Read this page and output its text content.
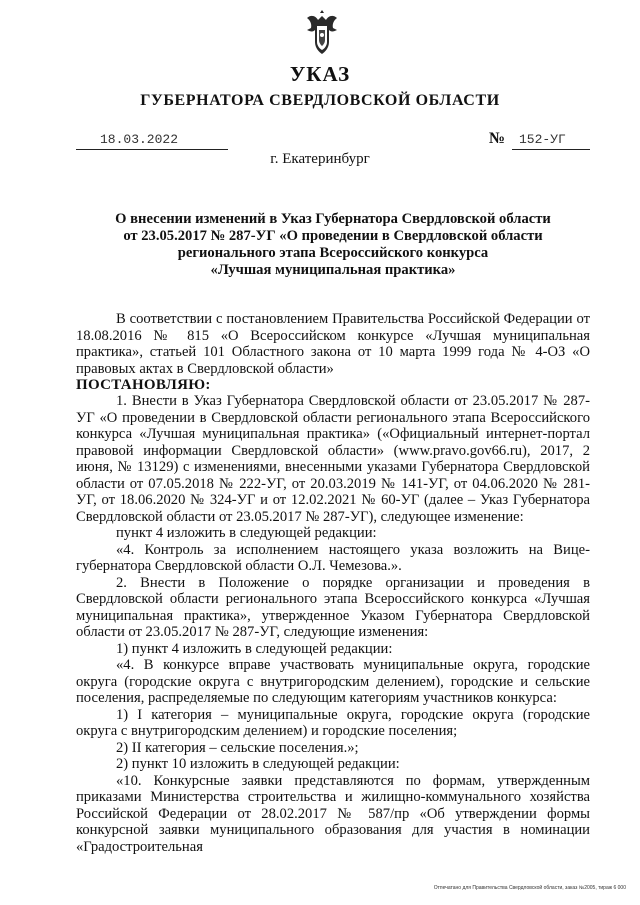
УКАЗ
ГУБЕРНАТОРА СВЕРДЛОВСКОЙ ОБЛАСТИ
18.03.2022	№ 152-УГ
г. Екатеринбург
О внесении изменений в Указ Губернатора Свердловской области
от 23.05.2017 № 287-УГ «О проведении в Свердловской области
регионального этапа Всероссийского конкурса
«Лучшая муниципальная практика»

В соответствии с постановлением Правительства Российской Федерации от 18.08.2016 № 815 «О Всероссийском конкурсе «Лучшая муниципальная практика», статьей 101 Областного закона от 10 марта 1999 года № 4-ОЗ «О правовых актах в Свердловской области»

ПОСТАНОВЛЯЮ:

1. Внести в Указ Губернатора Свердловской области от 23.05.2017 № 287-УГ «О проведении в Свердловской области регионального этапа Всероссийского конкурса «Лучшая муниципальная практика» («Официальный интернет-портал правовой информации Свердловской области» (www.pravo.gov66.ru), 2017, 2 июня, № 13129) с изменениями, внесенными указами Губернатора Свердловской области от 07.05.2018 № 222-УГ, от 20.03.2019 № 141-УГ, от 04.06.2020 № 281-УГ, от 18.06.2020 № 324-УГ и от 12.02.2021 № 60-УГ (далее – Указ Губернатора Свердловской области от 23.05.2017 № 287-УГ), следующее изменение:

пункт 4 изложить в следующей редакции:

«4. Контроль за исполнением настоящего указа возложить на Вице-губернатора Свердловской области О.Л. Чемезова.».

2. Внести в Положение о порядке организации и проведения в Свердловской области регионального этапа Всероссийского конкурса «Лучшая муниципальная практика», утвержденное Указом Губернатора Свердловской области от 23.05.2017 № 287-УГ, следующие изменения:

1) пункт 4 изложить в следующей редакции:

«4. В конкурсе вправе участвовать муниципальные округа, городские округа (городские округа с внутригородским делением), городские и сельские поселения, распределяемые по следующим категориям участников конкурса:

1) I категория – муниципальные округа, городские округа (городские округа с внутригородским делением) и городские поселения;

2) II категория – сельские поселения.»;

2) пункт 10 изложить в следующей редакции:

«10. Конкурсные заявки представляются по формам, утвержденным приказами Министерства строительства и жилищно-коммунального хозяйства Российской Федерации от 28.02.2017 № 587/пр «Об утверждении формы конкурсной заявки муниципального образования для участия в номинации «Градостроительная

Отпечатано для Правительства Свердловской области, заказ №2005, тираж 6 000
